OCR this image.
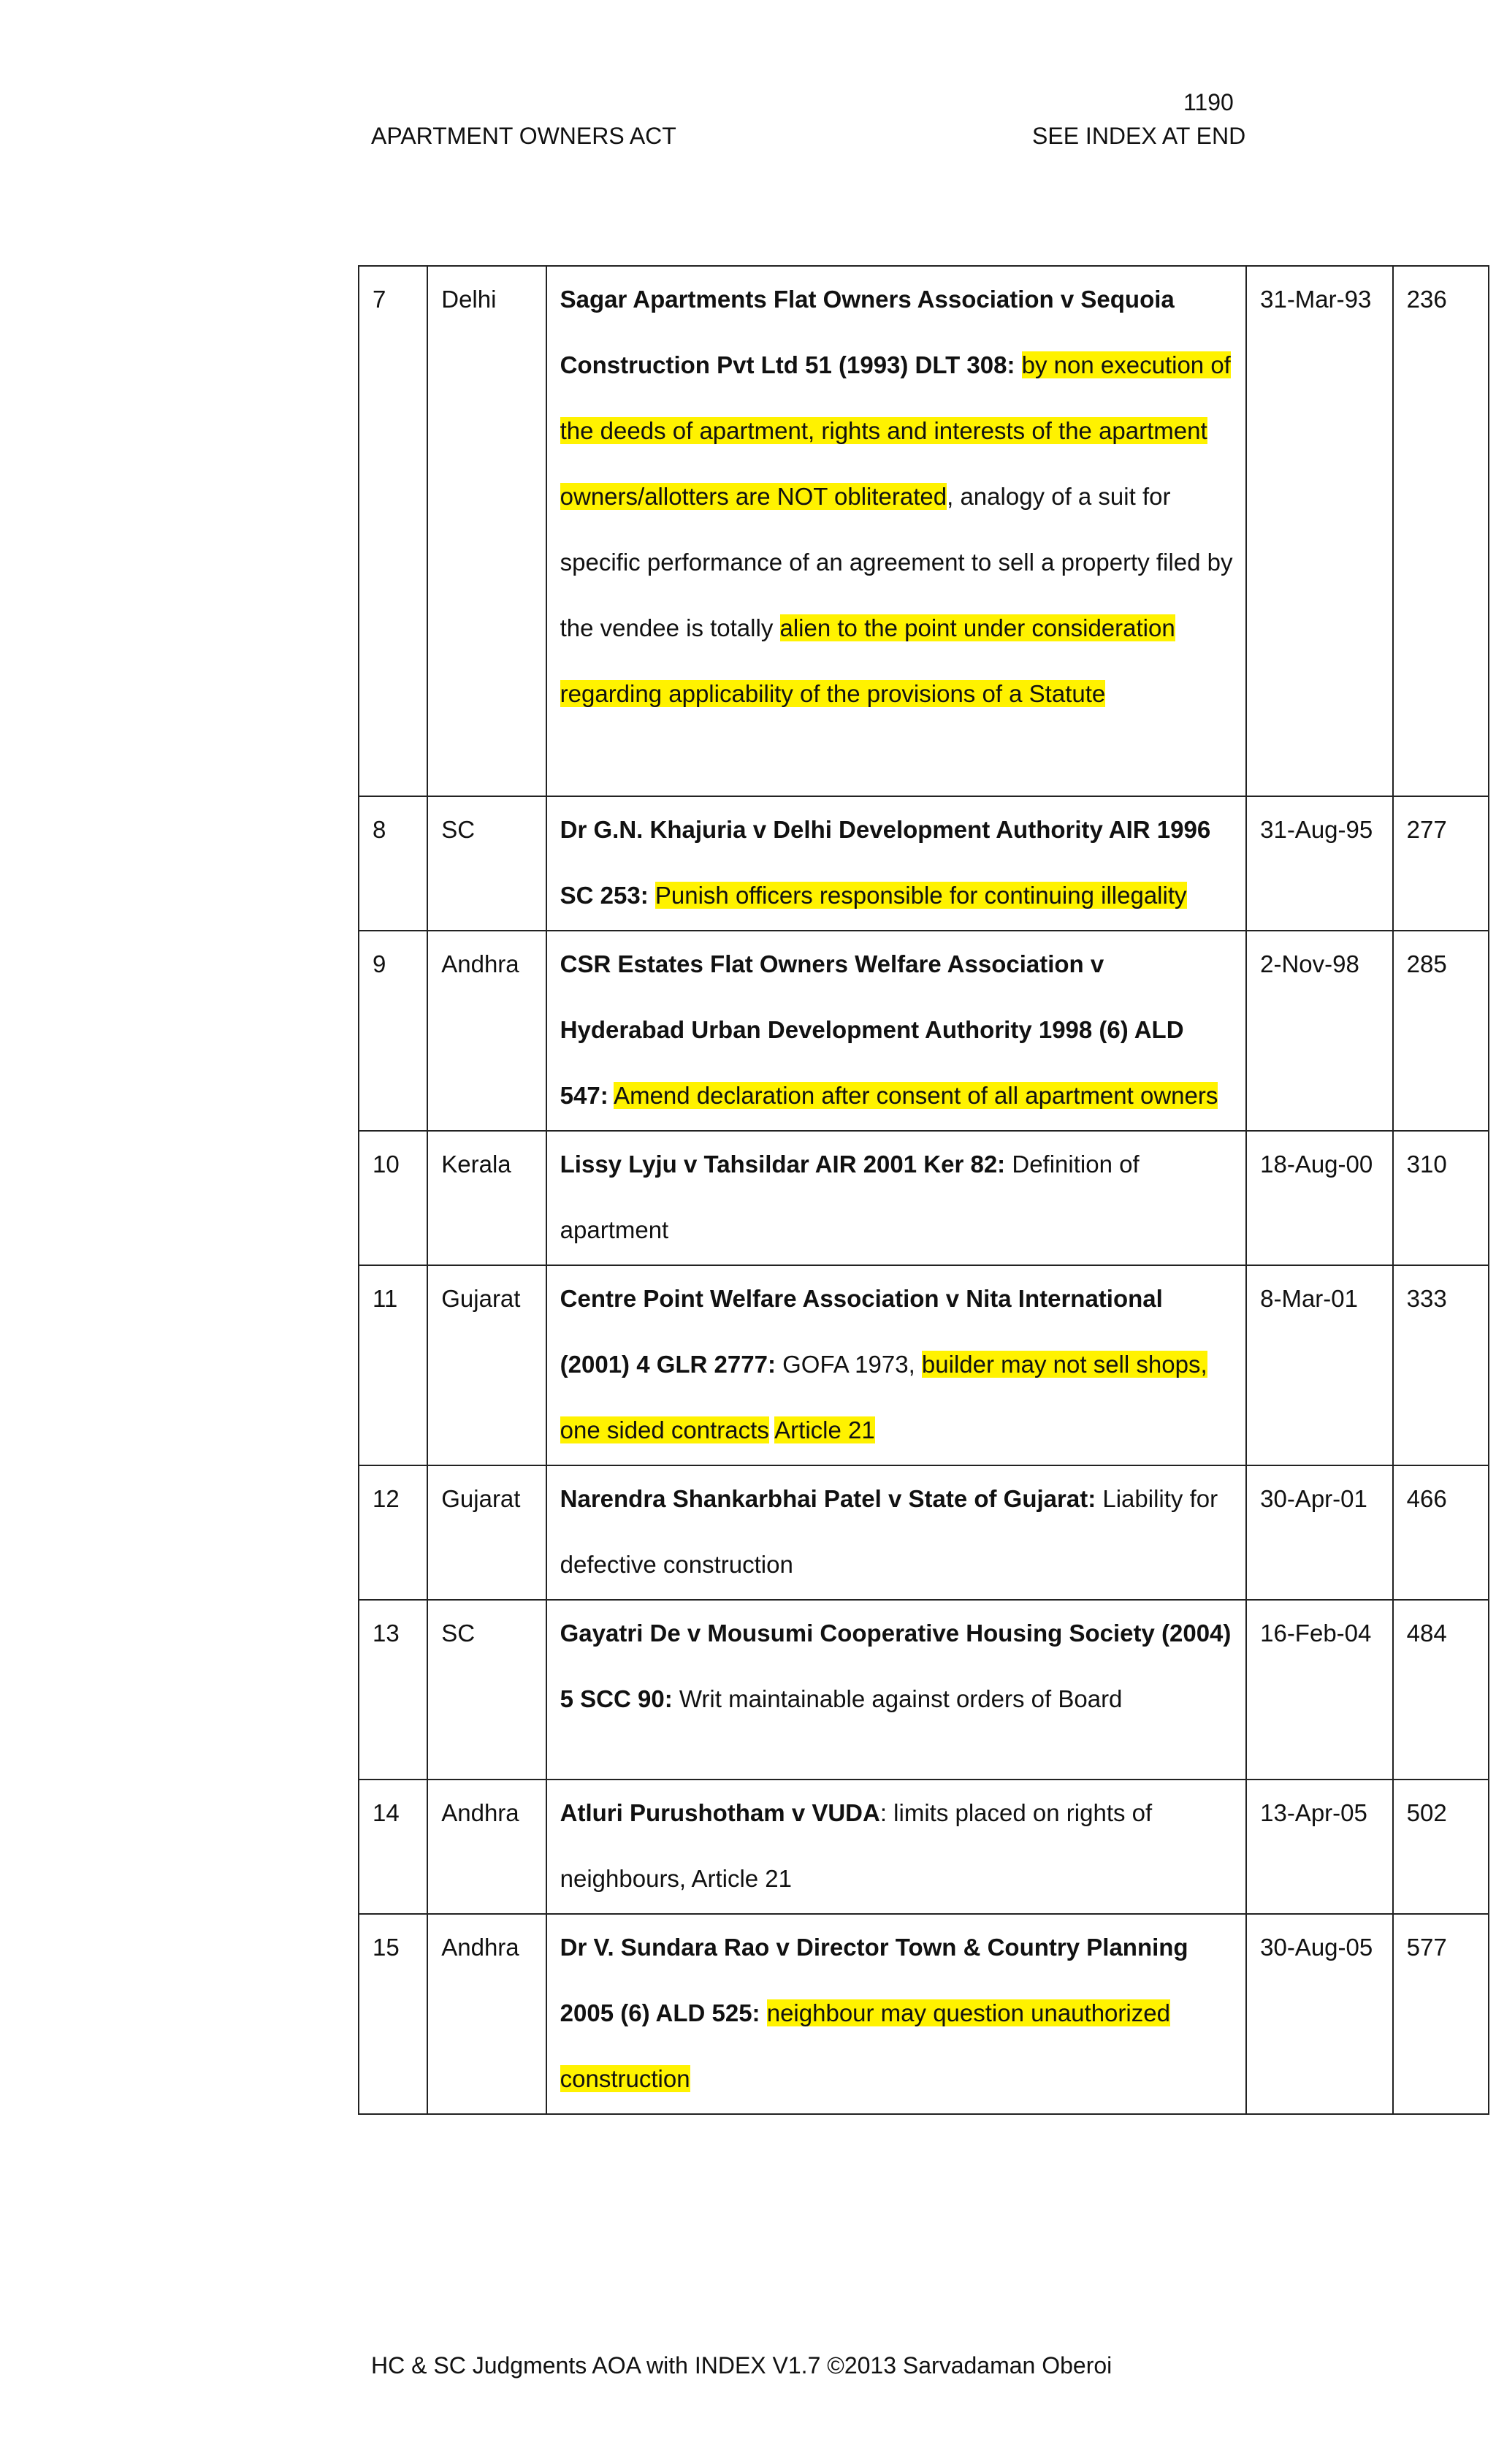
1190
APARTMENT OWNERS ACT	SEE INDEX AT END
7	Delhi	Sagar Apartments Flat Owners Association v Sequoia Construction Pvt Ltd 51 (1993) DLT 308: by non execution of the deeds of apartment, rights and interests of the apartment owners/allotters are NOT obliterated, analogy of a suit for specific performance of an agreement to sell a property filed by the vendee is totally alien to the point under consideration regarding applicability of the provisions of a Statute	31-Mar-93	236
8	SC	Dr G.N. Khajuria v Delhi Development Authority AIR 1996 SC 253: Punish officers responsible for continuing illegality	31-Aug-95	277
9	Andhra	CSR Estates Flat Owners Welfare Association v Hyderabad Urban Development Authority 1998 (6) ALD 547: Amend declaration after consent of all apartment owners	2-Nov-98	285
10	Kerala	Lissy Lyju v Tahsildar AIR 2001 Ker 82: Definition of apartment	18-Aug-00	310
11	Gujarat	Centre Point Welfare Association v Nita International (2001) 4 GLR 2777: GOFA 1973, builder may not sell shops, one sided contracts Article 21	8-Mar-01	333
12	Gujarat	Narendra Shankarbhai Patel v State of Gujarat: Liability for defective construction	30-Apr-01	466
13	SC	Gayatri De v Mousumi Cooperative Housing Society (2004) 5 SCC 90: Writ maintainable against orders of Board	16-Feb-04	484
14	Andhra	Atluri Purushotham v VUDA: limits placed on rights of neighbours, Article 21	13-Apr-05	502
15	Andhra	Dr V. Sundara Rao v Director Town & Country Planning 2005 (6) ALD 525: neighbour may question unauthorized construction	30-Aug-05	577
HC & SC Judgments AOA with INDEX V1.7 ©2013 Sarvadaman Oberoi
